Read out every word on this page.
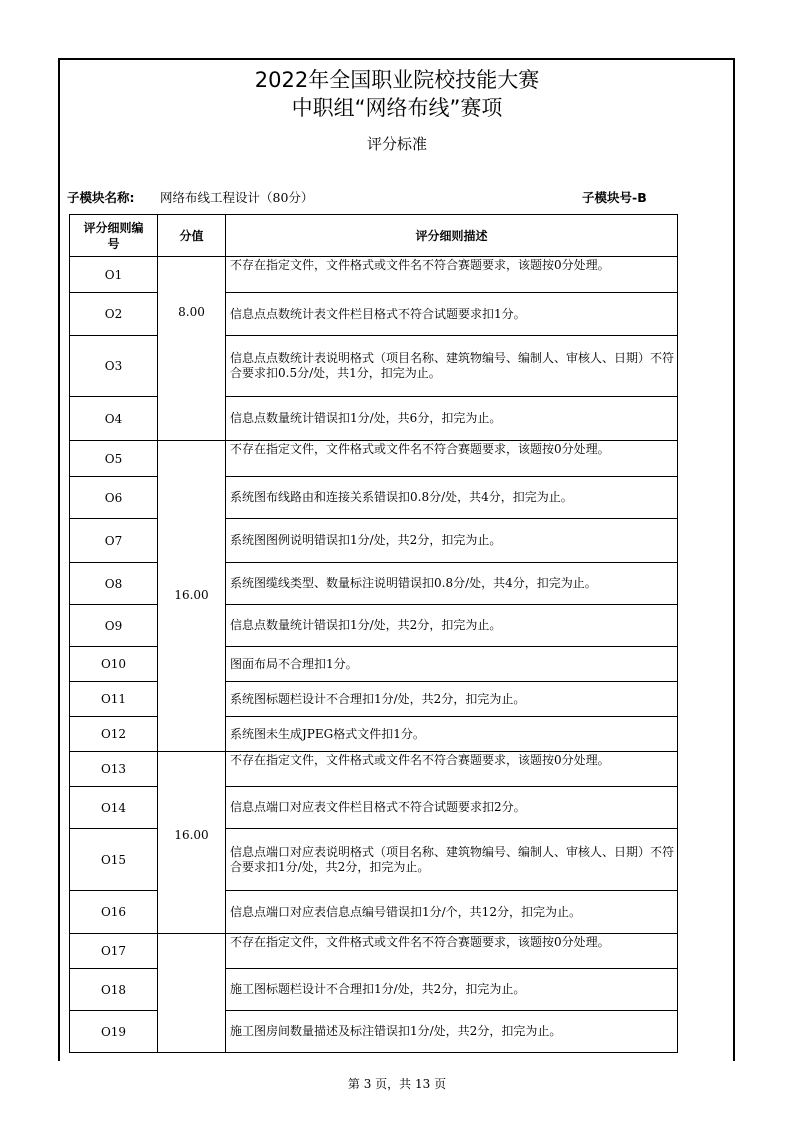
2022年全国职业院校技能大赛
中职组“网络布线”赛项
评分标准
子模块名称: 网络布线工程设计（80分）	子模块号-B
评分细则编号	分值	评分细则描述
O1	8.00	不存在指定文件，文件格式或文件名不符合赛题要求，该题按0分处理。
O2		信息点点数统计表文件栏目格式不符合试题要求扣1分。
O3		信息点点数统计表说明格式（项目名称、建筑物编号、编制人、审核人、日期）不符合要求扣0.5分/处，共1分，扣完为止。
O4		信息点数量统计错误扣1分/处，共6分，扣完为止。
O5	16.00	不存在指定文件，文件格式或文件名不符合赛题要求，该题按0分处理。
O6		系统图布线路由和连接关系错误扣0.8分/处，共4分，扣完为止。
O7		系统图图例说明错误扣1分/处，共2分，扣完为止。
O8		系统图缆线类型、数量标注说明错误扣0.8分/处，共4分，扣完为止。
O9		信息点数量统计错误扣1分/处，共2分，扣完为止。
O10		图面布局不合理扣1分。
O11		系统图标题栏设计不合理扣1分/处，共2分，扣完为止。
O12		系统图未生成JPEG格式文件扣1分。
O13	16.00	不存在指定文件，文件格式或文件名不符合赛题要求，该题按0分处理。
O14		信息点端口对应表文件栏目格式不符合试题要求扣2分。
O15		信息点端口对应表说明格式（项目名称、建筑物编号、编制人、审核人、日期）不符合要求扣1分/处，共2分，扣完为止。
O16		信息点端口对应表信息点编号错误扣1分/个，共12分，扣完为止。
O17		不存在指定文件，文件格式或文件名不符合赛题要求，该题按0分处理。
O18		施工图标题栏设计不合理扣1分/处，共2分，扣完为止。
O19		施工图房间数量描述及标注错误扣1分/处，共2分，扣完为止。
第 3 页，共 13 页
